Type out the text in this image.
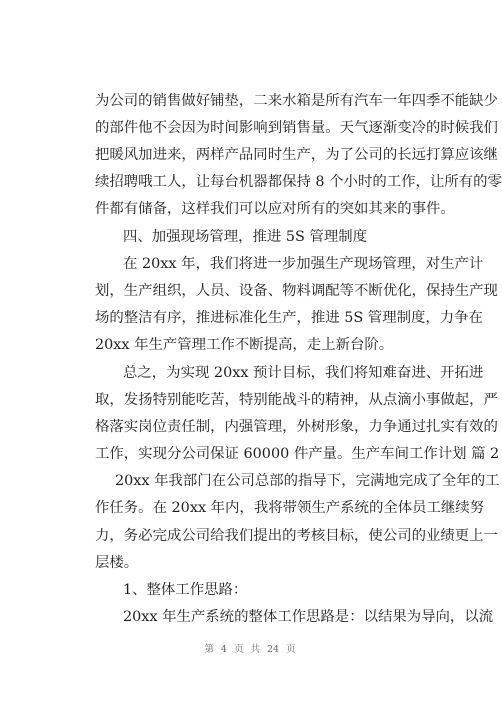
为公司的销售做好铺垫，二来水箱是所有汽车一年四季不能缺少
的部件他不会因为时间影响到销售量。天气逐渐变冷的时候我们
把暖风加进来，两样产品同时生产，为了公司的长远打算应该继
续招聘哦工人，让每台机器都保持 8 个小时的工作，让所有的零
件都有储备，这样我们可以应对所有的突如其来的事件。
四、加强现场管理，推进 5S 管理制度
在 20xx 年，我们将进一步加强生产现场管理，对生产计
划，生产组织，人员、设备、物料调配等不断优化，保持生产现
场的整洁有序，推进标准化生产，推进 5S 管理制度，力争在
20xx 年生产管理工作不断提高，走上新台阶。
总之，为实现 20xx 预计目标，我们将知难奋进、开拓进
取，发扬特别能吃苦，特别能战斗的精神，从点滴小事做起，严
格落实岗位责任制，内强管理，外树形象，力争通过扎实有效的
工作，实现分公司保证 60000 件产量。生产车间工作计划 篇 2
20xx 年我部门在公司总部的指导下，完满地完成了全年的工
作任务。在 20xx 年内，我将带领生产系统的全体员工继续努
力，务必完成公司给我们提出的考核目标，使公司的业绩更上一
层楼。
1、整体工作思路：
20xx 年生产系统的整体工作思路是：以结果为导向，以流
第 4 页 共 24 页
